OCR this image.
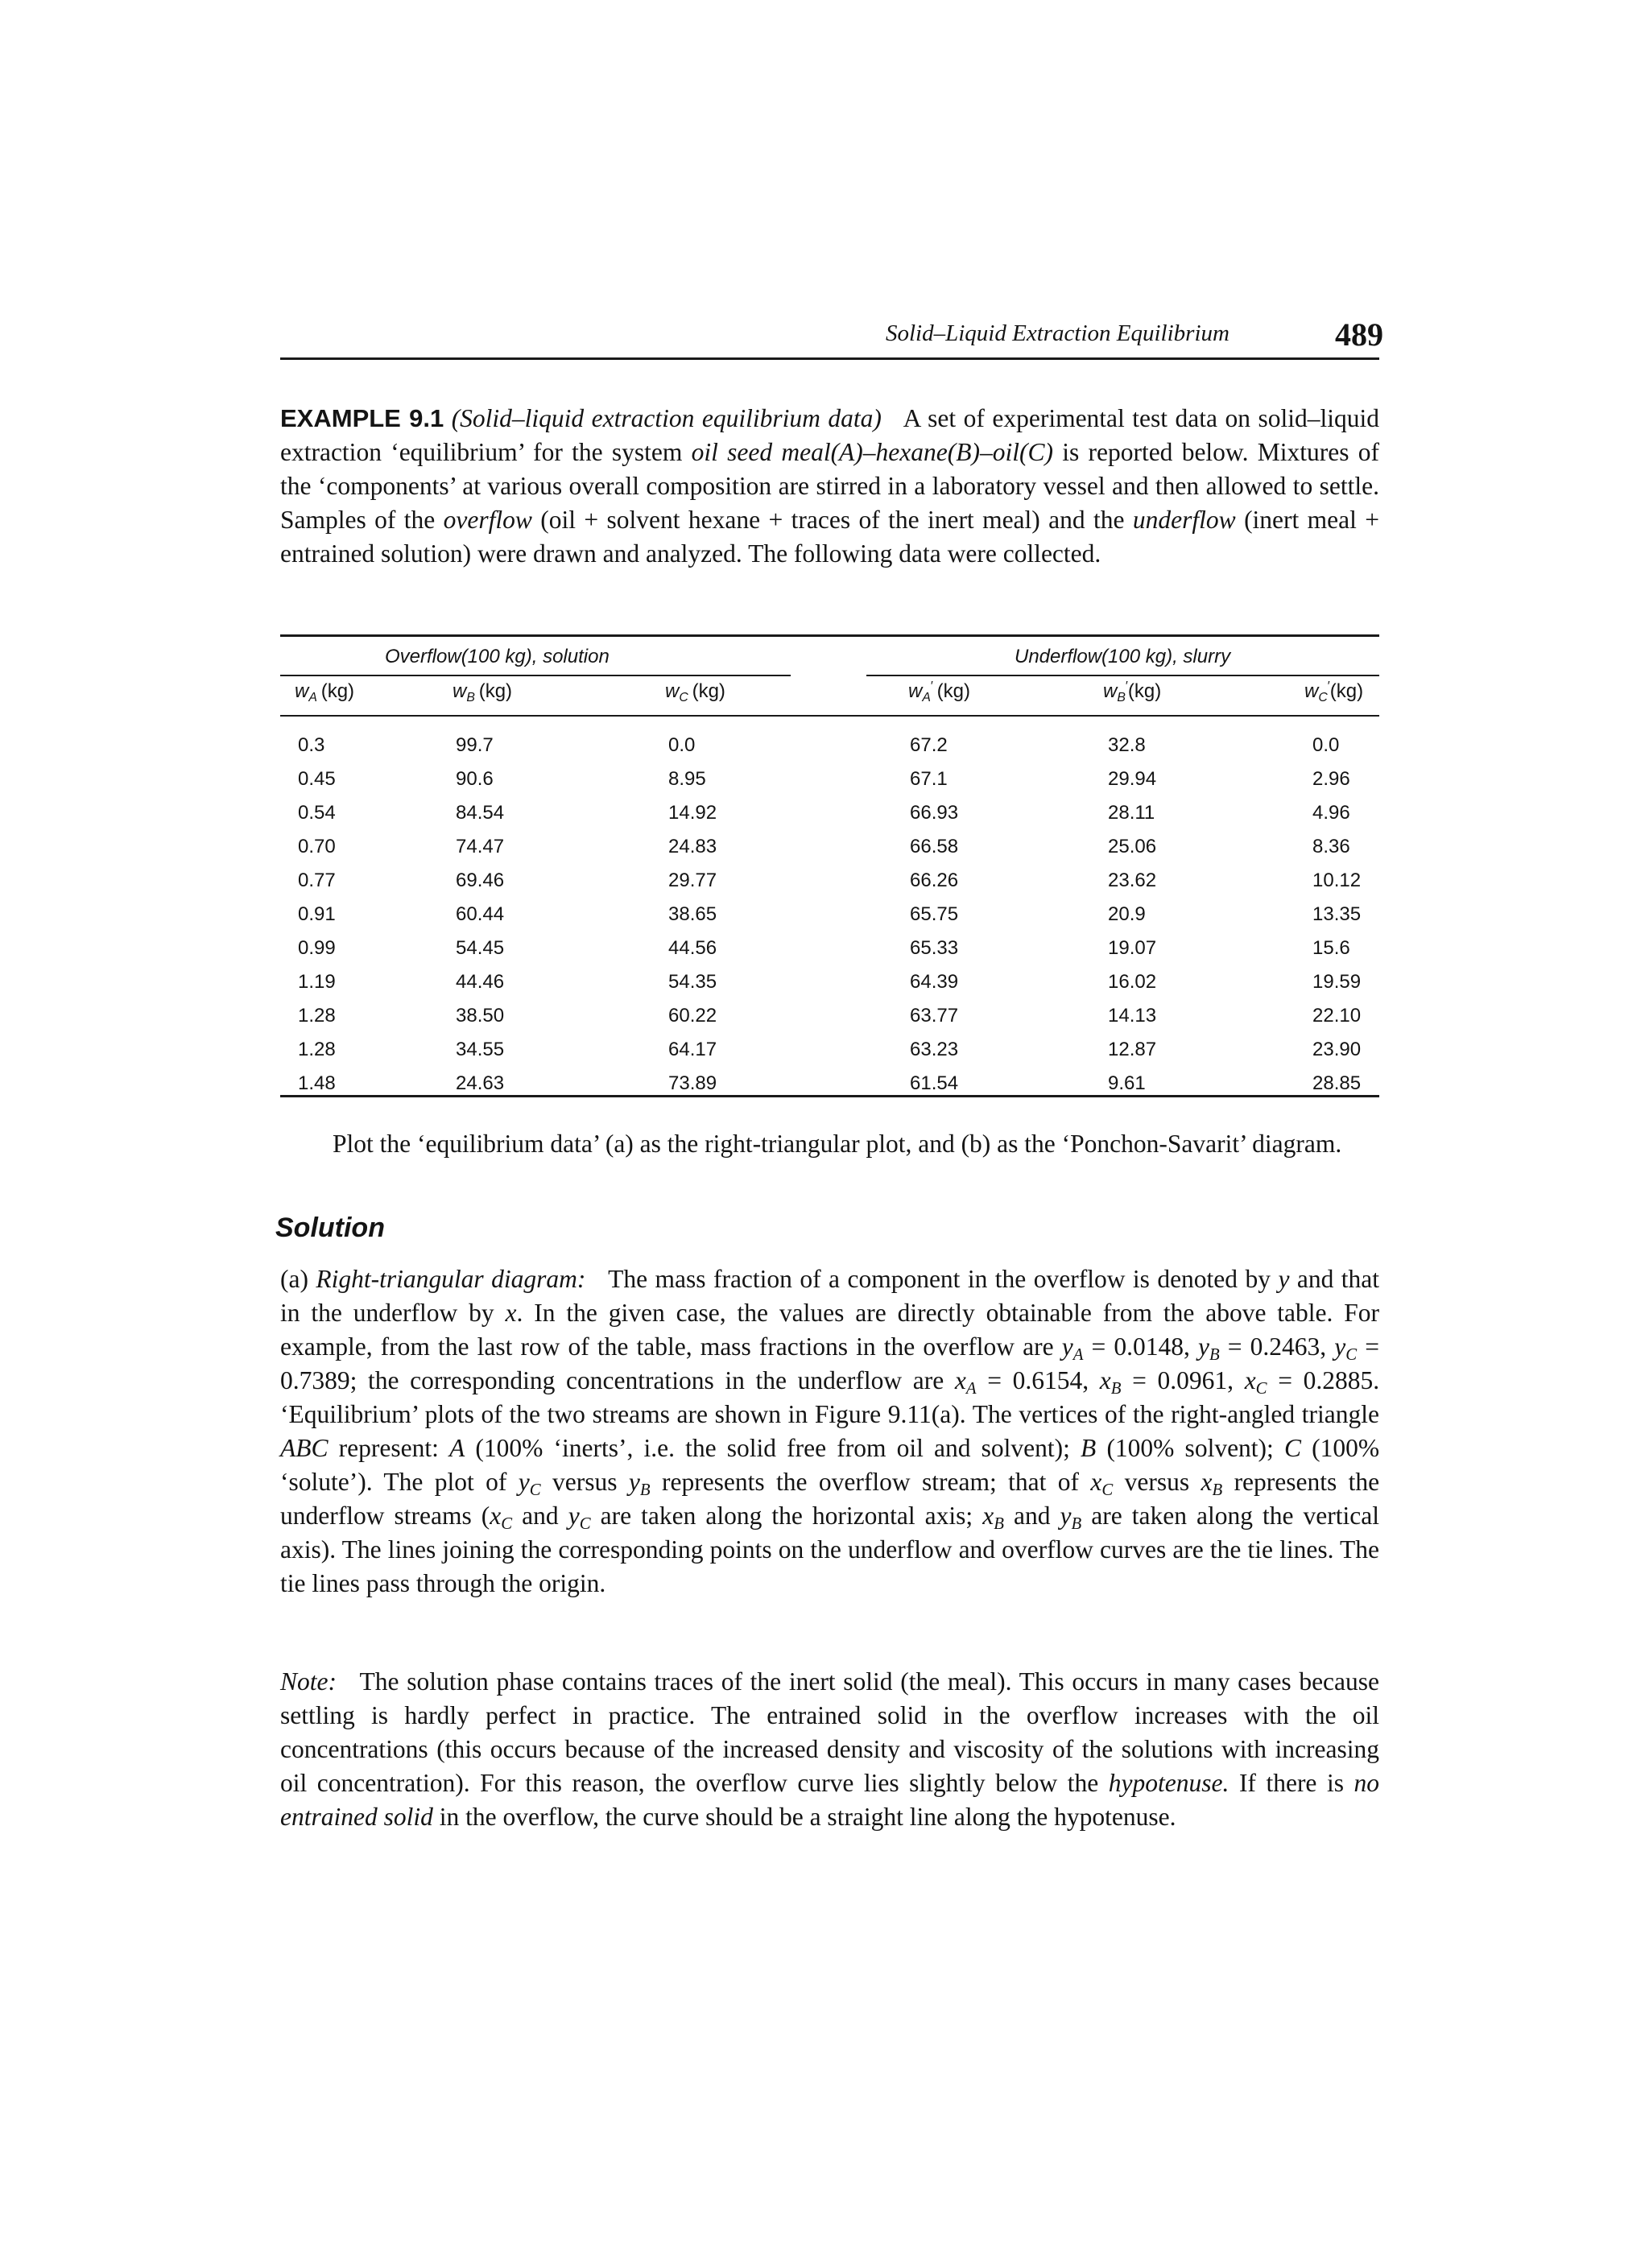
Solid–Liquid Extraction Equilibrium	489
EXAMPLE 9.1 (Solid–liquid extraction equilibrium data) A set of experimental test data on solid–liquid extraction ‘equilibrium’ for the system oil seed meal(A)–hexane(B)–oil(C) is reported below. Mixtures of the ‘components’ at various overall composition are stirred in a laboratory vessel and then allowed to settle. Samples of the overflow (oil + solvent hexane + traces of the inert meal) and the underflow (inert meal + entrained solution) were drawn and analyzed. The following data were collected.
Overflow(100 kg), solution	Underflow(100 kg), slurry
$w_A$ (kg)	$w_B$ (kg)	$w_C$ (kg)	$w_A'$ (kg)	$w_B'(kg)$	$w_C'(kg)$
0.3	99.7	0.0	67.2	32.8	0.0
0.45	90.6	8.95	67.1	29.94	2.96
0.54	84.54	14.92	66.93	28.11	4.96
0.70	74.47	24.83	66.58	25.06	8.36
0.77	69.46	29.77	66.26	23.62	10.12
0.91	60.44	38.65	65.75	20.9	13.35
0.99	54.45	44.56	65.33	19.07	15.6
1.19	44.46	54.35	64.39	16.02	19.59
1.28	38.50	60.22	63.77	14.13	22.10
1.28	34.55	64.17	63.23	12.87	23.90
1.48	24.63	73.89	61.54	9.61	28.85
Plot the ‘equilibrium data’ (a) as the right-triangular plot, and (b) as the ‘Ponchon-Savarit’ diagram.
Solution
(a) Right-triangular diagram: The mass fraction of a component in the overflow is denoted by y and that in the underflow by x. In the given case, the values are directly obtainable from the above table. For example, from the last row of the table, mass fractions in the overflow are $y_A = 0.0148$, $y_B = 0.2463$, $y_C = 0.7389$; the corresponding concentrations in the underflow are $x_A = 0.6154$, $x_B = 0.0961$, $x_C = 0.2885$. ‘Equilibrium’ plots of the two streams are shown in Figure 9.11(a). The vertices of the right-angled triangle ABC represent: A (100% ‘inerts’, i.e. the solid free from oil and solvent); B (100% solvent); C (100% ‘solute’). The plot of $y_C$ versus $y_B$ represents the overflow stream; that of $x_C$ versus $x_B$ represents the underflow streams ($x_C$ and $y_C$ are taken along the horizontal axis; $x_B$ and $y_B$ are taken along the vertical axis). The lines joining the corresponding points on the underflow and overflow curves are the tie lines. The tie lines pass through the origin.
Note: The solution phase contains traces of the inert solid (the meal). This occurs in many cases because settling is hardly perfect in practice. The entrained solid in the overflow increases with the oil concentrations (this occurs because of the increased density and viscosity of the solutions with increasing oil concentration). For this reason, the overflow curve lies slightly below the hypotenuse. If there is no entrained solid in the overflow, the curve should be a straight line along the hypotenuse.
